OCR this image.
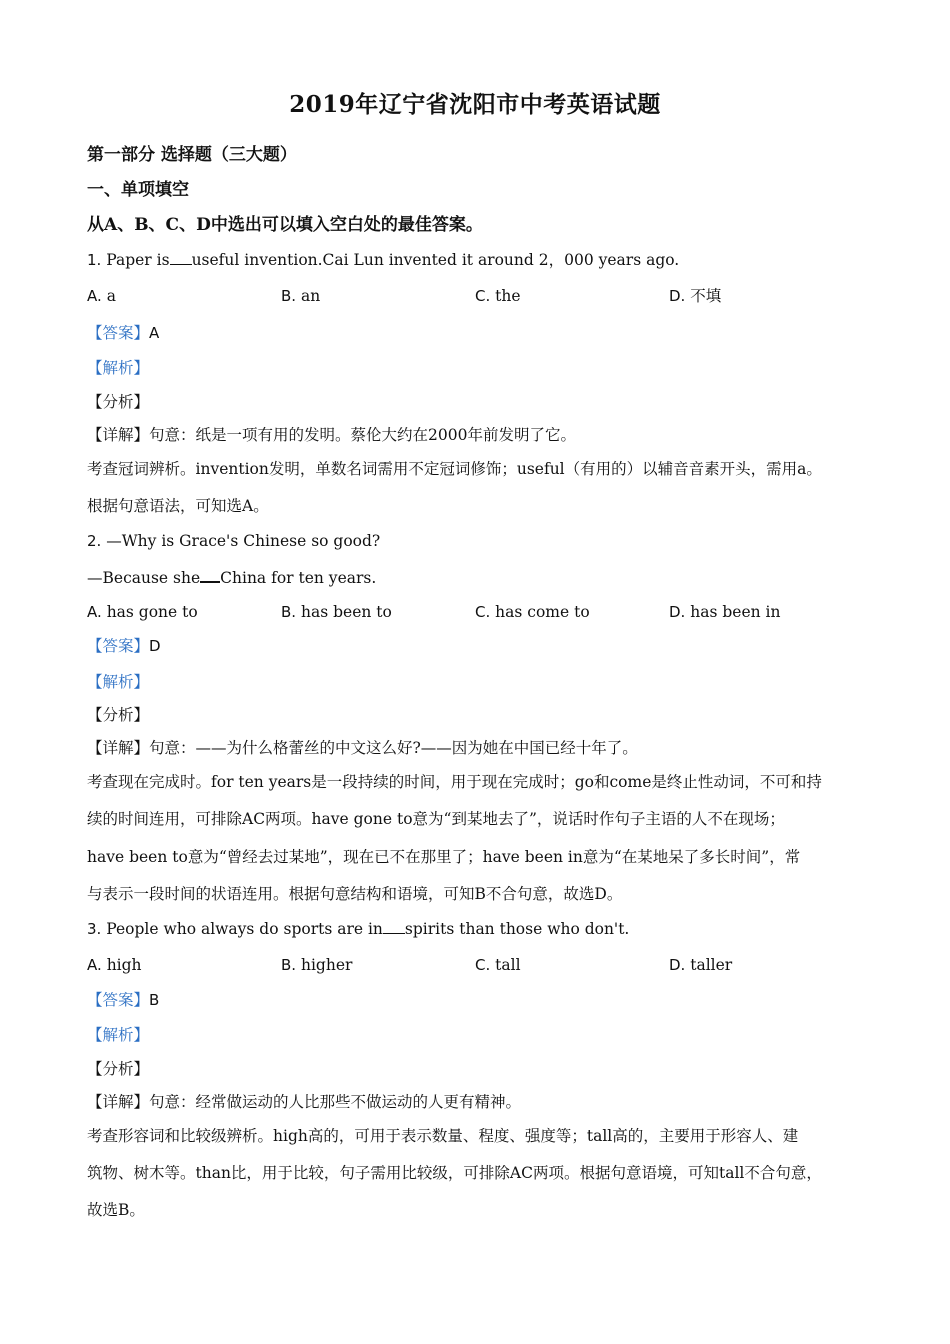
2019年辽宁省沈阳市中考英语试题
第一部分 选择题（三大题）
一、单项填空
从A、B、C、D中选出可以填入空白处的最佳答案。
1. Paper is useful invention.Cai Lun invented it around 2，000 years ago.
A. a	B. an	C. the	D. 不填
【答案】A
【解析】
【分析】
【详解】句意：纸是一项有用的发明。蔡伦大约在2000年前发明了它。
考查冠词辨析。invention发明，单数名词需用不定冠词修饰；useful（有用的）以辅音音素开头，需用a。
根据句意语法，可知选A。
2. —Why is Grace's Chinese so good?
—Because she China for ten years.
A. has gone to	B. has been to	C. has come to	D. has been in
【答案】D
【解析】
【分析】
【详解】句意：——为什么格蕾丝的中文这么好?——因为她在中国已经十年了。
考查现在完成时。for ten years是一段持续的时间，用于现在完成时；go和come是终止性动词，不可和持
续的时间连用，可排除AC两项。have gone to意为“到某地去了”，说话时作句子主语的人不在现场；
have been to意为“曾经去过某地”，现在已不在那里了；have been in意为“在某地呆了多长时间”，常
与表示一段时间的状语连用。根据句意结构和语境，可知B不合句意，故选D。
3. People who always do sports are in spirits than those who don't.
A. high	B. higher	C. tall	D. taller
【答案】B
【解析】
【分析】
【详解】句意：经常做运动的人比那些不做运动的人更有精神。
考查形容词和比较级辨析。high高的，可用于表示数量、程度、强度等；tall高的，主要用于形容人、建
筑物、树木等。than比，用于比较，句子需用比较级，可排除AC两项。根据句意语境，可知tall不合句意，
故选B。
